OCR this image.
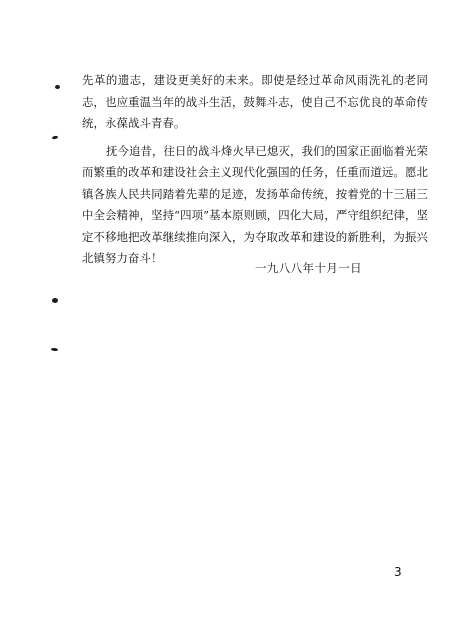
先革的遗志，建设更美好的未来。即使是经过革命风雨洗礼的老同志，也应重温当年的战斗生活，鼓舞斗志，使自己不忘优良的革命传统，永葆战斗青春。

抚今追昔，往日的战斗烽火早已熄灭，我们的国家正面临着光荣而繁重的改革和建设社会主义现代化强国的任务，任重而道远。愿北镇各族人民共同踏着先辈的足迹，发扬革命传统，按着党的十三届三中全会精神，坚持“四项”基本原则顾，四化大局，严守组织纪律，坚定不移地把改革继续推向深入，为夺取改革和建设的新胜利，为振兴北镇努力奋斗！

一九八八年十月一日
3
